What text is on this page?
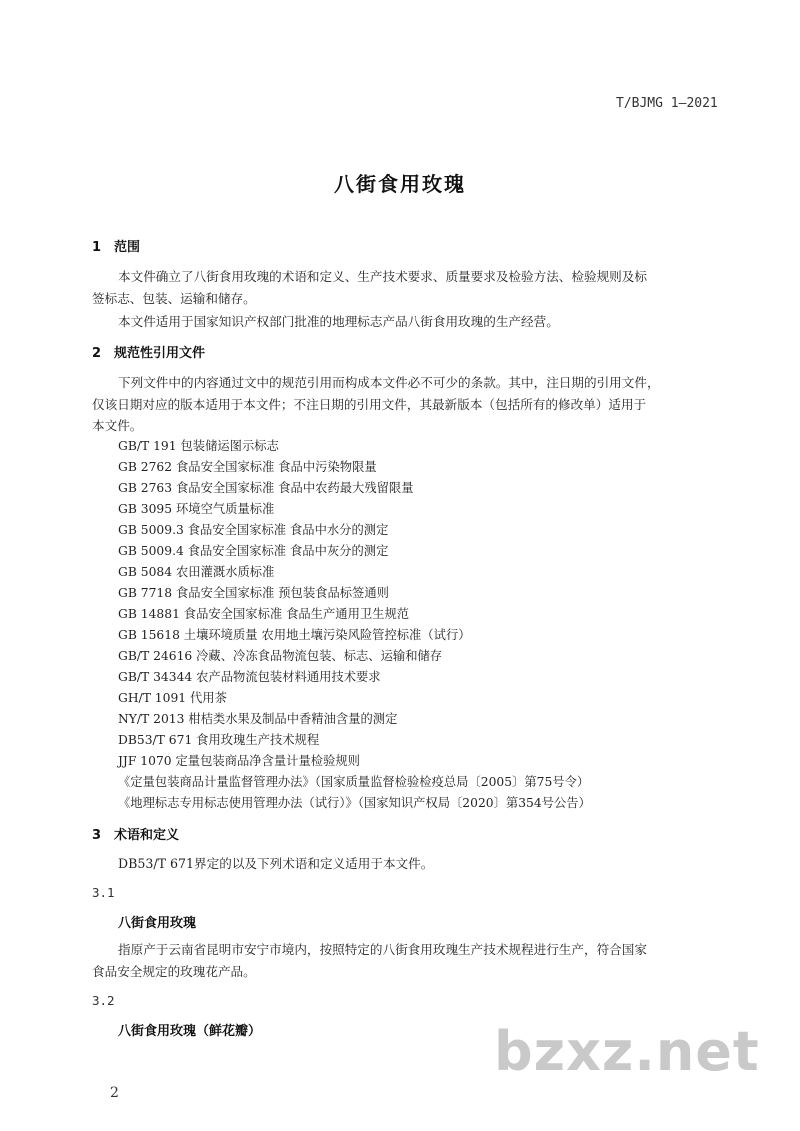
T/BJMG 1—2021
八街食用玫瑰
1 范围
本文件确立了八街食用玫瑰的术语和定义、生产技术要求、质量要求及检验方法、检验规则及标
签标志、包装、运输和储存。
本文件适用于国家知识产权部门批准的地理标志产品八街食用玫瑰的生产经营。
2 规范性引用文件
下列文件中的内容通过文中的规范引用而构成本文件必不可少的条款。其中，注日期的引用文件，
仅该日期对应的版本适用于本文件；不注日期的引用文件，其最新版本（包括所有的修改单）适用于
本文件。
GB/T 191 包装储运图示标志
GB 2762 食品安全国家标准 食品中污染物限量
GB 2763 食品安全国家标准 食品中农药最大残留限量
GB 3095 环境空气质量标准
GB 5009.3 食品安全国家标准 食品中水分的测定
GB 5009.4 食品安全国家标准 食品中灰分的测定
GB 5084 农田灌溉水质标准
GB 7718 食品安全国家标准 预包装食品标签通则
GB 14881 食品安全国家标准 食品生产通用卫生规范
GB 15618 土壤环境质量 农用地土壤污染风险管控标准（试行）
GB/T 24616 冷藏、冷冻食品物流包装、标志、运输和储存
GB/T 34344 农产品物流包装材料通用技术要求
GH/T 1091 代用茶
NY/T 2013 柑桔类水果及制品中香精油含量的测定
DB53/T 671 食用玫瑰生产技术规程
JJF 1070 定量包装商品净含量计量检验规则
《定量包装商品计量监督管理办法》（国家质量监督检验检疫总局〔2005〕第75号令）
《地理标志专用标志使用管理办法（试行）》（国家知识产权局〔2020〕第354号公告）
3 术语和定义
DB53/T 671界定的以及下列术语和定义适用于本文件。
3.1
八街食用玫瑰
指原产于云南省昆明市安宁市境内，按照特定的八街食用玫瑰生产技术规程进行生产，符合国家
食品安全规定的玫瑰花产品。
3.2
八街食用玫瑰（鲜花瓣）	bzxz.net
2
